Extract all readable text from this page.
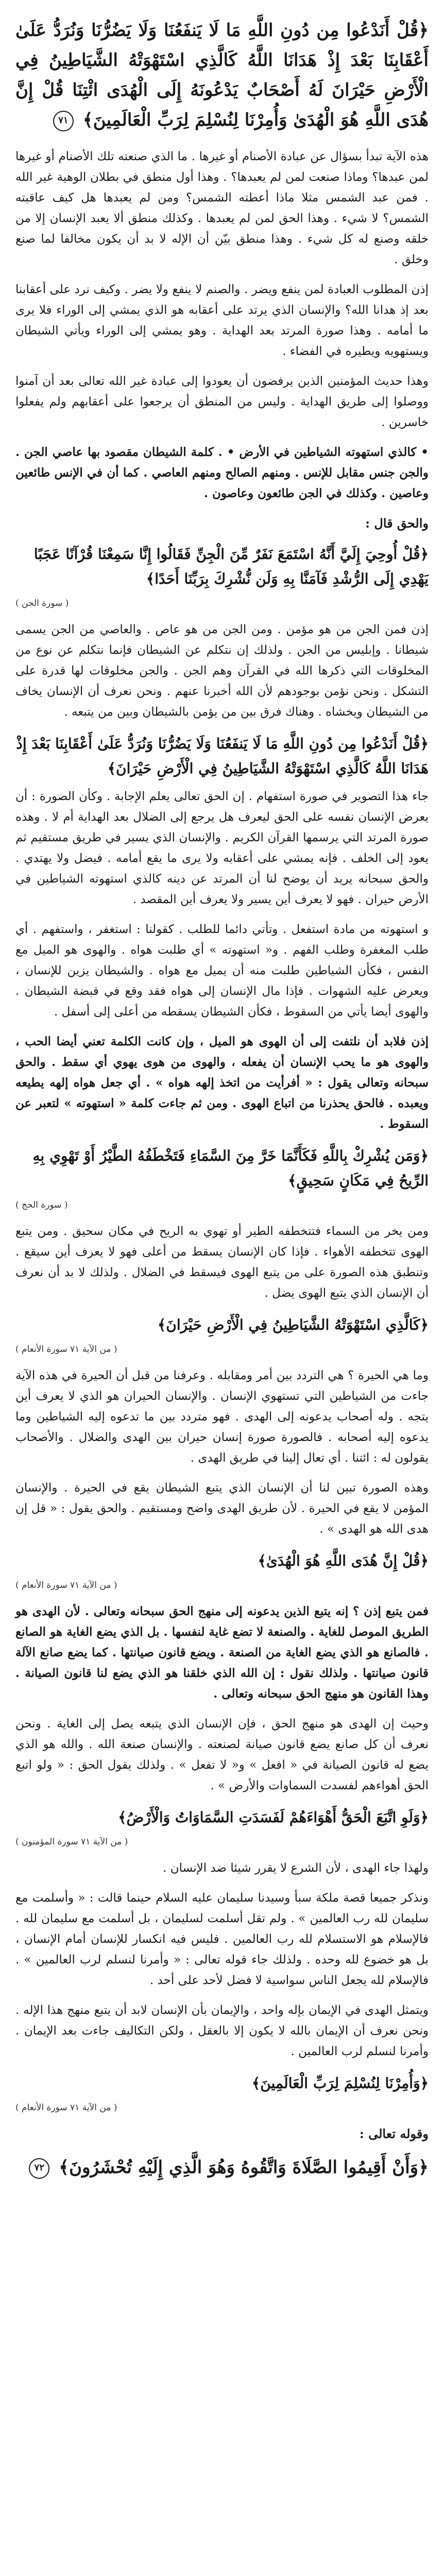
﴿قُلْ أَنَدْعُوا مِن دُونِ اللَّهِ مَا لَا يَنفَعُنَا وَلَا يَضُرُّنَا وَنُرَدُّ عَلَىٰ أَعْقَابِنَا بَعْدَ إِذْ هَدَانَا اللَّهُ كَالَّذِي اسْتَهْوَتْهُ الشَّيَاطِينُ فِي الْأَرْضِ حَيْرَانَ لَهُ أَصْحَابٌ يَدْعُونَهُ إِلَى الْهُدَى ائْتِنَا قُلْ إِنَّ هُدَى اللَّهِ هُوَ الْهُدَىٰ وَأُمِرْنَا لِنُسْلِمَ لِرَبِّ الْعَالَمِينَ﴾ ٧١

هذه الآية تبدأ بسؤال عن عبادة الأصنام أو غيرها . ما الذي صنعته تلك الأصنام أو غيرها لمن عبدها؟ وماذا صنعت لمن لم يعبدها؟ . وهذا أول منطق في بطلان الوهية غير الله . فمن عبد الشمس مثلا ماذا أعطته الشمس؟ ومن لم يعبدها هل كيف عاقبته الشمس؟ لا شيء . وهذا الحق لمن لم يعبدها . وكذلك منطق ألا يعبد الإنسان إلا من خلقه وصنع له كل شيء . وهذا منطق بيّن أن الإله لا بد أن يكون مخالفا لما صنع وخلق .

إذن المطلوب العبادة لمن ينفع ويضر . والصنم لا ينفع ولا يضر . وكيف نرد على أعقابنا بعد إذ هدانا الله؟ والإنسان الذي يرتد على أعقابه هو الذي يمشي إلى الوراء فلا يرى ما أمامه . وهذا صورة المرتد بعد الهداية . وهو يمشي إلى الوراء ويأتي الشيطان ويستهويه ويطيره في الفضاء .

وهذا حديث المؤمنين الذين يرفضون أن يعودوا إلى عبادة غير الله تعالى بعد أن آمنوا ووصلوا إلى طريق الهداية . وليس من المنطق أن يرجعوا على أعقابهم ولم يفعلوا خاسرين .

• كالذي استهوته الشياطين في الأرض • . كلمة الشيطان مقصود بها عاصي الجن . والجن جنس مقابل للإنس . ومنهم الصالح ومنهم العاصي . كما أن في الإنس طائعين وعاصين . وكذلك في الجن طائعون وعاصون .

والحق قال :

﴿قُلْ أُوحِيَ إِلَيَّ أَنَّهُ اسْتَمَعَ نَفَرٌ مِّنَ الْجِنِّ فَقَالُوا إِنَّا سَمِعْنَا قُرْآنًا عَجَبًا يَهْدِي إِلَى الرُّشْدِ فَآمَنَّا بِهِ وَلَن نُّشْرِكَ بِرَبِّنَا أَحَدًا﴾

( سورة الجن )

إذن فمن الجن من هو مؤمن . ومن الجن من هو عاص . والعاصي من الجن يسمى شيطانا . وإبليس من الجن . ولذلك إن نتكلم عن الشيطان فإنما نتكلم عن نوع من المخلوقات التي ذكرها الله في القرآن وهم الجن . والجن مخلوقات لها قدرة على التشكل . ونحن نؤمن بوجودهم لأن الله أخبرنا عنهم . ونحن نعرف أن الإنسان يخاف من الشيطان ويخشاه . وهناك فرق بين من يؤمن بالشيطان وبين من يتبعه .

﴿قُلْ أَنَدْعُوا مِن دُونِ اللَّهِ مَا لَا يَنفَعُنَا وَلَا يَضُرُّنَا وَنُرَدُّ عَلَىٰ أَعْقَابِنَا بَعْدَ إِذْ هَدَانَا اللَّهُ كَالَّذِي اسْتَهْوَتْهُ الشَّيَاطِينُ فِي الْأَرْضِ حَيْرَانَ﴾

جاء هذا التصوير في صورة استفهام . إن الحق تعالى يعلم الإجابة . وكأن الصورة : أن يعرض الإنسان نفسه على الحق ليعرف هل يرجع إلى الضلال بعد الهداية أم لا . وهذه صورة المرتد التي يرسمها القرآن الكريم . والإنسان الذي يسير في طريق مستقيم ثم يعود إلى الخلف . فإنه يمشي على أعقابه ولا يرى ما يقع أمامه . فيضل ولا يهتدي . والحق سبحانه يريد أن يوضح لنا أن المرتد عن دينه كالذي استهوته الشياطين في الأرض حيران . فهو لا يعرف أين يسير ولا يعرف أين المقصد .

و استهوته من مادة استفعل . وتأتي دائما للطلب . كقولنا : استغفر ، واستفهم . أي طلب المغفرة وطلب الفهم . و« استهوته » أي طلبت هواه . والهوى هو الميل مع النفس ، فكأن الشياطين طلبت منه أن يميل مع هواه . والشيطان يزين للإنسان ، ويعرض عليه الشهوات . فإذا مال الإنسان إلى هواه فقد وقع في قبضة الشيطان . والهوى أيضا يأتي من السقوط ، فكأن الشيطان يسقطه من أعلى إلى أسفل .

إذن فلابد أن نلتفت إلى أن الهوى هو الميل ، وإن كانت الكلمة تعني أيضا الحب ، والهوى هو ما يحب الإنسان أن يفعله ، والهوى من هوى يهوي أي سقط . والحق سبحانه وتعالى يقول : « أفرأيت من اتخذ إلهه هواه » . أي جعل هواه إلهه يطيعه ويعبده . فالحق يحذرنا من اتباع الهوى . ومن ثم جاءت كلمة « استهوته » لتعبر عن السقوط .

﴿وَمَن يُشْرِكْ بِاللَّهِ فَكَأَنَّمَا خَرَّ مِنَ السَّمَاءِ فَتَخْطَفُهُ الطَّيْرُ أَوْ تَهْوِي بِهِ الرِّيحُ فِي مَكَانٍ سَحِيقٍ﴾

( سورة الحج )

ومن يخر من السماء فتتخطفه الطير أو تهوي به الريح في مكان سحيق . ومن يتبع الهوى تتخطفه الأهواء . فإذا كان الإنسان يسقط من أعلى فهو لا يعرف أين سيقع . وتنطبق هذه الصورة على من يتبع الهوى فيسقط في الضلال . ولذلك لا بد أن نعرف أن الإنسان الذي يتبع الهوى يضل .

﴿كَالَّذِي اسْتَهْوَتْهُ الشَّيَاطِينُ فِي الْأَرْضِ حَيْرَانَ﴾

( من الآية ٧١ سورة الأنعام )

وما هي الحيرة ؟ هي التردد بين أمر ومقابله . وعرفنا من قبل أن الحيرة في هذه الآية جاءت من الشياطين التي تستهوي الإنسان . والإنسان الحيران هو الذي لا يعرف أين يتجه . وله أصحاب يدعونه إلى الهدى . فهو متردد بين ما تدعوه إليه الشياطين وما يدعوه إليه أصحابه . فالصورة صورة إنسان حيران بين الهدى والضلال . والأصحاب يقولون له : ائتنا . أي تعال إلينا في طريق الهدى .

وهذه الصورة تبين لنا أن الإنسان الذي يتبع الشيطان يقع في الحيرة . والإنسان المؤمن لا يقع في الحيرة . لأن طريق الهدى واضح ومستقيم . والحق يقول : « قل إن هدى الله هو الهدى » .

﴿قُلْ إِنَّ هُدَى اللَّهِ هُوَ الْهُدَىٰ﴾

( من الآية ٧١ سورة الأنعام )

فمن يتبع إذن ؟ إنه يتبع الذين يدعونه إلى منهج الحق سبحانه وتعالى . لأن الهدى هو الطريق الموصل للغاية . والصنعة لا تضع غاية لنفسها . بل الذي يضع الغاية هو الصانع . فالصانع هو الذي يضع الغاية من الصنعة . ويضع قانون صيانتها . كما يضع صانع الآلة قانون صيانتها . ولذلك نقول : إن الله الذي خلقنا هو الذي يضع لنا قانون الصيانة . وهذا القانون هو منهج الحق سبحانه وتعالى .

وحيث إن الهدى هو منهج الحق ، فإن الإنسان الذي يتبعه يصل إلى الغاية . ونحن نعرف أن كل صانع يضع قانون صيانة لصنعته . والإنسان صنعة الله . والله هو الذي يضع له قانون الصيانة في « افعل » و« لا تفعل » . ولذلك يقول الحق : « ولو اتبع الحق أهواءهم لفسدت السماوات والأرض » .

﴿وَلَوِ اتَّبَعَ الْحَقُّ أَهْوَاءَهُمْ لَفَسَدَتِ السَّمَاوَاتُ وَالْأَرْضُ﴾

( من الآية ٧١ سورة المؤمنون )

ولهذا جاء الهدى ، لأن الشرع لا يقرر شيئا ضد الإنسان .

ونذكر جميعا قصة ملكة سبأ وسيدنا سليمان عليه السلام حينما قالت : « وأسلمت مع سليمان لله رب العالمين » . ولم تقل أسلمت لسليمان ، بل أسلمت مع سليمان لله . فالإسلام هو الاستسلام لله رب العالمين . فليس فيه انكسار للإنسان أمام الإنسان ، بل هو خضوع لله وحده . ولذلك جاء قوله تعالى : « وأمرنا لنسلم لرب العالمين » . فالإسلام لله يجعل الناس سواسية لا فضل لأحد على أحد .

ويتمثل الهدى في الإيمان بإله واحد ، والإيمان بأن الإنسان لابد أن يتبع منهج هذا الإله . ونحن نعرف أن الإيمان بالله لا يكون إلا بالعقل ، ولكن التكاليف جاءت بعد الإيمان . وأمرنا لنسلم لرب العالمين .

﴿وَأُمِرْنَا لِنُسْلِمَ لِرَبِّ الْعَالَمِينَ﴾

( من الآية ٧١ سورة الأنعام )

وقوله تعالى :

﴿وَأَنْ أَقِيمُوا الصَّلَاةَ وَاتَّقُوهُ وَهُوَ الَّذِي إِلَيْهِ تُحْشَرُونَ﴾ ٧٢
